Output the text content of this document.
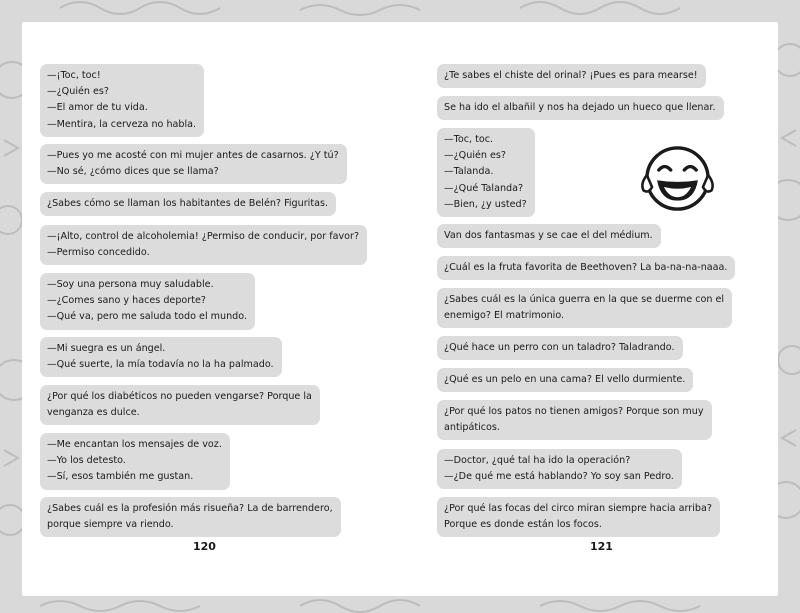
—¡Toc, toc!
—¿Quién es?
—El amor de tu vida.
—Mentira, la cerveza no habla.
—Pues yo me acosté con mi mujer antes de casarnos. ¿Y tú?
—No sé, ¿cómo dices que se llama?
¿Sabes cómo se llaman los habitantes de Belén? Figuritas.
—¡Alto, control de alcoholemia! ¿Permiso de conducir, por favor?
—Permiso concedido.
—Soy una persona muy saludable.
—¿Comes sano y haces deporte?
—Qué va, pero me saluda todo el mundo.
—Mi suegra es un ángel.
—Qué suerte, la mía todavía no la ha palmado.
¿Por qué los diabéticos no pueden vengarse? Porque la
venganza es dulce.
—Me encantan los mensajes de voz.
—Yo los detesto.
—Sí, esos también me gustan.
¿Sabes cuál es la profesión más risueña? La de barrendero,
porque siempre va riendo.
120
¿Te sabes el chiste del orinal? ¡Pues es para mearse!
Se ha ido el albañil y nos ha dejado un hueco que llenar.
—Toc, toc.
—¿Quién es?
—Talanda.
—¿Qué Talanda?
—Bien, ¿y usted?
Van dos fantasmas y se cae el del médium.
¿Cuál es la fruta favorita de Beethoven? La ba-na-na-naaa.
¿Sabes cuál es la única guerra en la que se duerme con el
enemigo? El matrimonio.
¿Qué hace un perro con un taladro? Taladrando.
¿Qué es un pelo en una cama? El vello durmiente.
¿Por qué los patos no tienen amigos? Porque son muy
antipáticos.
—Doctor, ¿qué tal ha ido la operación?
—¿De qué me está hablando? Yo soy san Pedro.
¿Por qué las focas del circo miran siempre hacia arriba?
Porque es donde están los focos.
121
